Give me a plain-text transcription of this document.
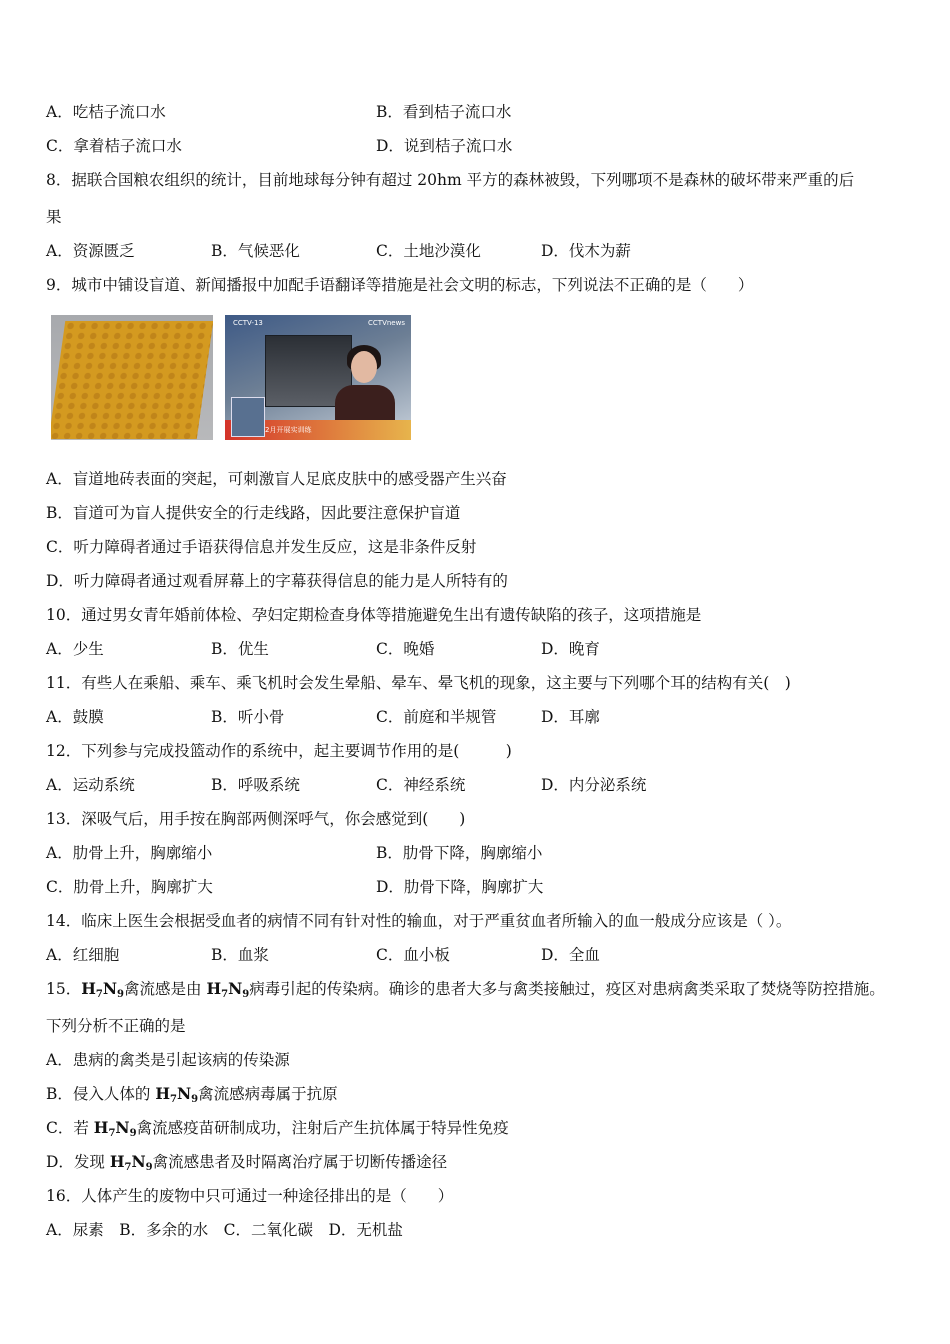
A．吃桔子流口水	B．看到桔子流口水
C．拿着桔子流口水	D．说到桔子流口水
8．据联合国粮农组织的统计，目前地球每分钟有超过 20hm 平方的森林被毁，下列哪项不是森林的破坏带来严重的后
果
A．资源匮乏	B．气候恶化	C．土地沙漠化	D．伐木为薪
9．城市中铺设盲道、新闻播报中加配手语翻译等措施是社会文明的标志，下列说法不正确的是（　　）
CCTV-13	CCTVnews
2月开展实训练
A．盲道地砖表面的突起，可刺激盲人足底皮肤中的感受器产生兴奋
B．盲道可为盲人提供安全的行走线路，因此要注意保护盲道
C．听力障碍者通过手语获得信息并发生反应，这是非条件反射
D．听力障碍者通过观看屏幕上的字幕获得信息的能力是人所特有的
10．通过男女青年婚前体检、孕妇定期检查身体等措施避免生出有遗传缺陷的孩子，这项措施是
A．少生	B．优生	C．晚婚	D．晚育
11．有些人在乘船、乘车、乘飞机时会发生晕船、晕车、晕飞机的现象，这主要与下列哪个耳的结构有关(　)
A．鼓膜	B．听小骨	C．前庭和半规管	D．耳廓
12．下列参与完成投篮动作的系统中，起主要调节作用的是(　　　)
A．运动系统	B．呼吸系统	C．神经系统	D．内分泌系统
13．深吸气后，用手按在胸部两侧深呼气，你会感觉到(　　)
A．肋骨上升，胸廓缩小	B．肋骨下降，胸廓缩小
C．肋骨上升，胸廓扩大	D．肋骨下降，胸廓扩大
14．临床上医生会根据受血者的病情不同有针对性的输血，对于严重贫血者所输入的血一般成分应该是（ ）。
A．红细胞	B．血浆	C．血小板	D．全血
15．$H_7N_9$禽流感是由 $H_7N_9$病毒引起的传染病。确诊的患者大多与禽类接触过，疫区对患病禽类采取了焚烧等防控措施。
下列分析不正确的是
A．患病的禽类是引起该病的传染源
B．侵入人体的 $H_7N_9$禽流感病毒属于抗原
C．若 $H_7N_9$禽流感疫苗研制成功，注射后产生抗体属于特异性免疫
D．发现 $H_7N_9$禽流感患者及时隔离治疗属于切断传播途径
16．人体产生的废物中只可通过一种途径排出的是（　　）
A．尿素　B．多余的水　C．二氧化碳　D．无机盐
